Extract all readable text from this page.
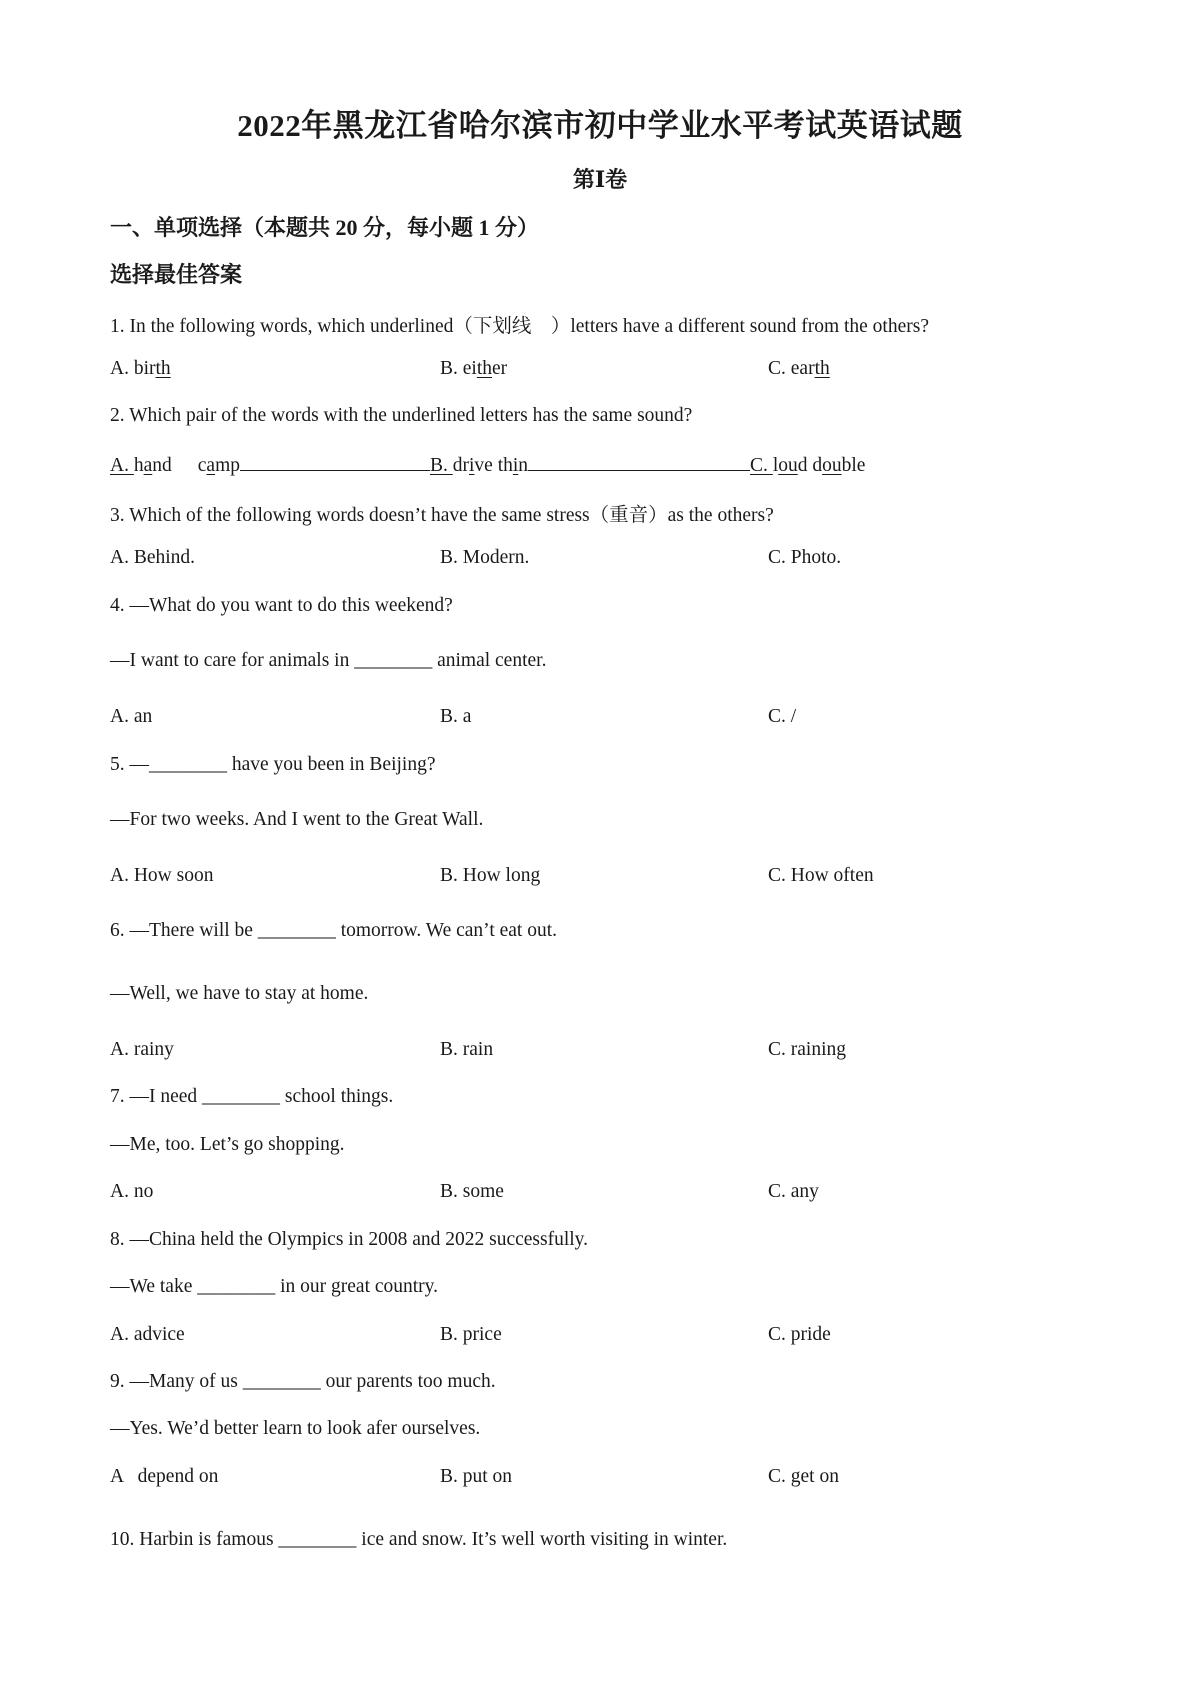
2022年黑龙江省哈尔滨市初中学业水平考试英语试题
第Ⅰ卷
一、单项选择（本题共 20 分，每小题 1 分）
选择最佳答案
1. In the following words, which underlined（下划线　）letters have a different sound from the others?
A. birth	B. either	C. earth
2. Which pair of the words with the underlined letters has the same sound?
A. hand camp	B. drive thin	C. loud double
3. Which of the following words doesn’t have the same stress（重音）as the others?
A. Behind.	B. Modern.	C. Photo.
4. —What do you want to do this weekend?
—I want to care for animals in ________ animal center.
A. an	B. a	C. /
5. —________ have you been in Beijing?
—For two weeks. And I went to the Great Wall.
A. How soon	B. How long	C. How often
6. —There will be ________ tomorrow. We can’t eat out.
—Well, we have to stay at home.
A. rainy	B. rain	C. raining
7. —I need ________ school things.
—Me, too. Let’s go shopping.
A. no	B. some	C. any
8. —China held the Olympics in 2008 and 2022 successfully.
—We take ________ in our great country.
A. advice	B. price	C. pride
9. —Many of us ________ our parents too much.
—Yes. We’d better learn to look afer ourselves.
A   depend on	B. put on	C. get on
10. Harbin is famous ________ ice and snow. It’s well worth visiting in winter.
